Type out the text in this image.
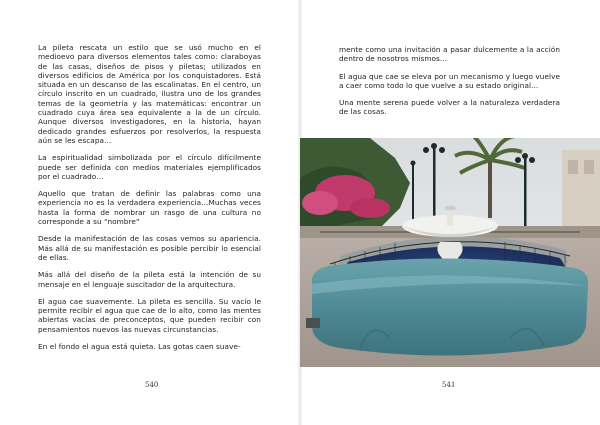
La pileta rescata un estilo que se usó mucho en el medioevo para diversos elementos tales como: claraboyas de las casas, diseños de pisos y piletas; utilizados en diversos edificios de América por los conquistadores. Está situada en un descanso de las escalinatas. En el centro, un círculo inscrito en un cuadrado, ilustra uno de los grandes temas de la geometría y las matemáticas: encontrar un cuadrado cuya área sea equivalente a la de un círculo. Aunque diversos investigadores, en la historia, hayan dedicado grandes esfuerzos por resolverlos, la respuesta aún se les escapa…

La espiritualidad simbolizada por el círculo difícilmente puede ser definida con medios materiales ejemplificados por el cuadrado…

Aquello que tratan de definir las palabras como una experiencia no es la verdadera experiencia…Muchas veces hasta la forma de nombrar un rasgo de una cultura no corresponde a su “nombre”

Desde la manifestación de las cosas vemos su apariencia. Más allá de su manifestación es posible percibir lo esencial de ellas.

Más allá del diseño de la pileta está la intención de su mensaje en el lenguaje suscitador de la arquitectura.

El agua cae suavemente. La pileta es sencilla. Su vacío le permite recibir el agua que cae de lo alto, como las mentes abiertas vacías de preconceptos, que pueden recibir con pensamientos nuevos las nuevas circunstancias.

En el fondo el agua está quieta. Las gotas caen suave-

540

mente como una invitación a pasar dulcemente a la acción dentro de nosotros mismos…

El agua que cae se eleva por un mecanismo y luego vuelve a caer como todo lo que vuelve a su estado original…

Una mente serena puede volver a la naturaleza verdadera de las cosas.

541
